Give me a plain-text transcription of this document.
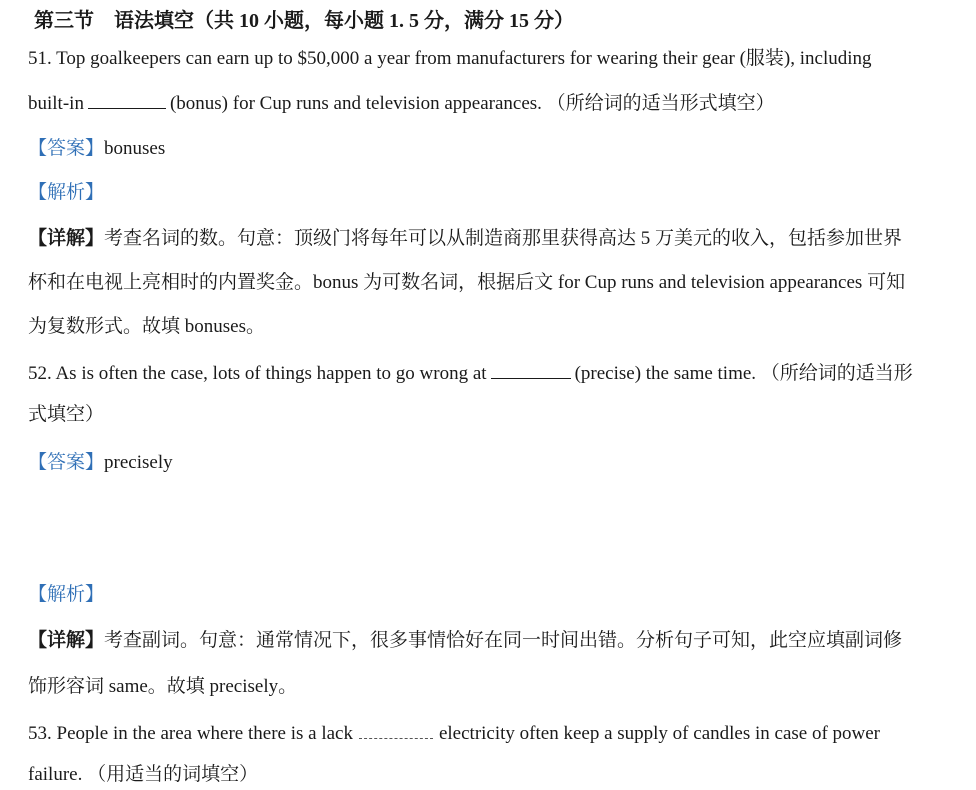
第三节　语法填空（共 10 小题，每小题 1. 5 分，满分 15 分）
51. Top goalkeepers can earn up to $50,000 a year from manufacturers for wearing their gear (服装), including
built-in	(bonus) for Cup runs and television appearances. （所给词的适当形式填空）
【答案】bonuses
【解析】
【详解】考查名词的数。句意：顶级门将每年可以从制造商那里获得高达 5 万美元的收入，包括参加世界
杯和在电视上亮相时的内置奖金。bonus 为可数名词，根据后文 for Cup runs and television appearances 可知
为复数形式。故填 bonuses。
52. As is often the case, lots of things happen to go wrong at	(precise) the same time. （所给词的适当形
式填空）
【答案】precisely
【解析】
【详解】考查副词。句意：通常情况下，很多事情恰好在同一时间出错。分析句子可知，此空应填副词修
饰形容词 same。故填 precisely。
53. People in the area where there is a lack	electricity often keep a supply of candles in case of power
failure. （用适当的词填空）
